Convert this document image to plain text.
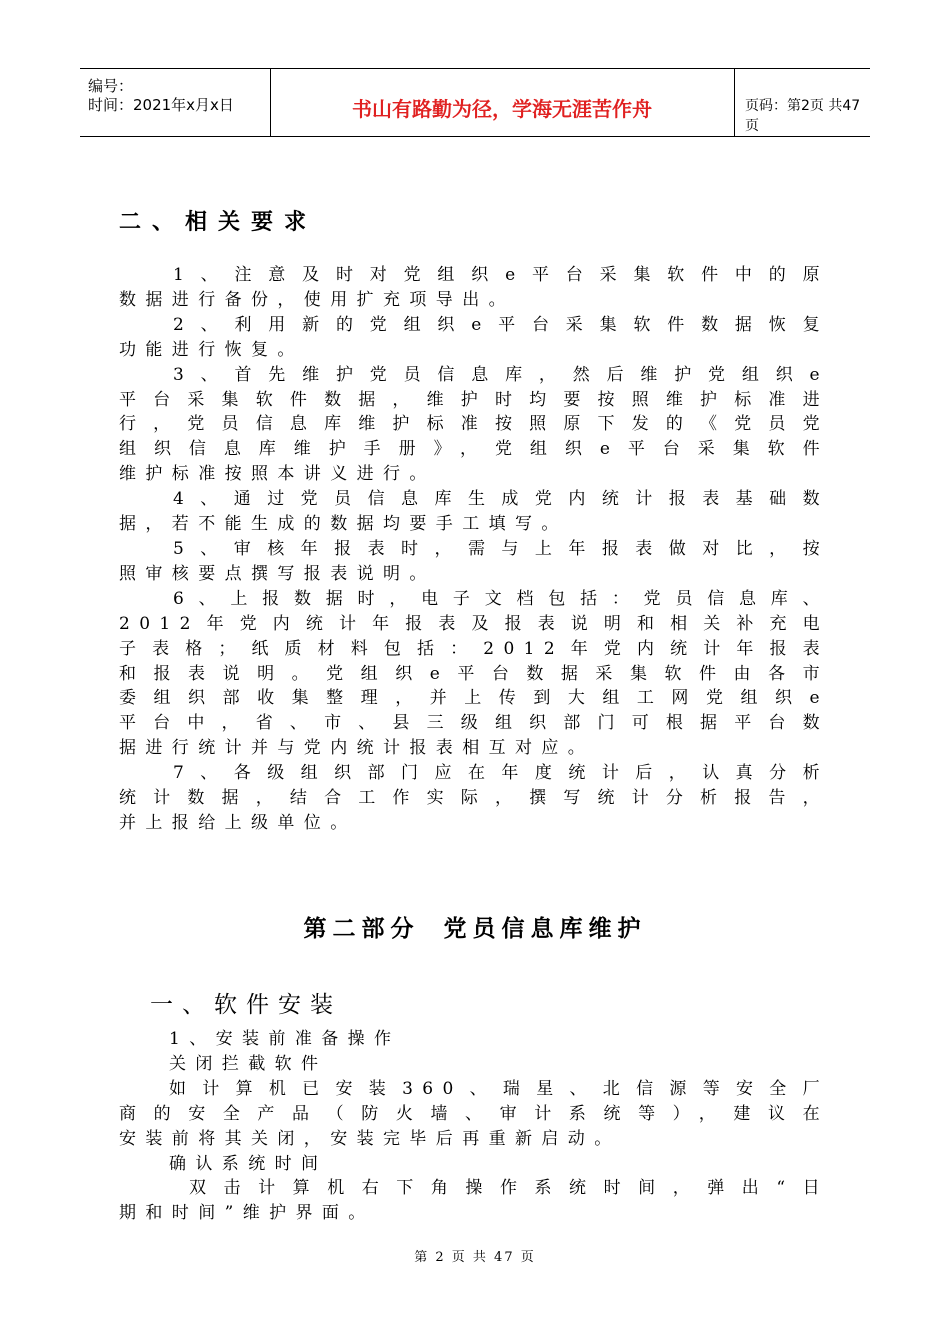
编号：
时间：2021年x月x日	书山有路勤为径，学海无涯苦作舟	页码：第2页 共47页
二、相关要求

1、注意及时对党组织e平台采集软件中的原

数据进行备份，使用扩充项导出。

2、利用新的党组织e平台采集软件数据恢复

功能进行恢复。

3、首先维护党员信息库，然后维护党组织e

平台采集软件数据，维护时均要按照维护标准进

行，党员信息库维护标准按照原下发的《党员党

组织信息库维护手册》，党组织e平台采集软件

维护标准按照本讲义进行。

4、通过党员信息库生成党内统计报表基础数

据，若不能生成的数据均要手工填写。

5、审核年报表时，需与上年报表做对比，按

照审核要点撰写报表说明。

6、上报数据时，电子文档包括：党员信息库、

2012年党内统计年报表及报表说明和相关补充电

子表格；纸质材料包括：2012年党内统计年报表

和报表说明。党组织e平台数据采集软件由各市

委组织部收集整理，并上传到大组工网党组织e

平台中，省、市、县三级组织部门可根据平台数

据进行统计并与党内统计报表相互对应。

7、各级组织部门应在年度统计后，认真分析

统计数据，结合工作实际，撰写统计分析报告，

并上报给上级单位。

第二部分 党员信息库维护
一、软件安装

1、安装前准备操作

关闭拦截软件

如计算机已安装360、瑞星、北信源等安全厂

商的安全产品（防火墙、审计系统等），建议在

安装前将其关闭，安装完毕后再重新启动。

确认系统时间

双击计算机右下角操作系统时间，弹出“日

期和时间”维护界面。

第 2 页 共 47 页
